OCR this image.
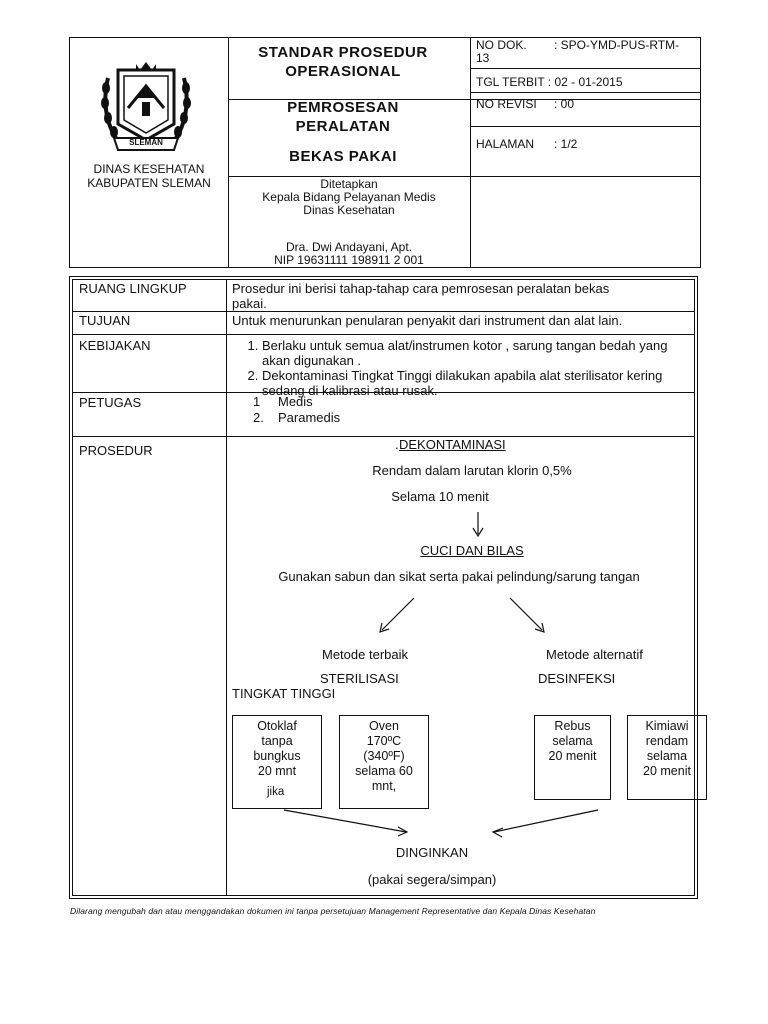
SLEMAN
DINAS KESEHATAN
KABUPATEN SLEMAN
STANDAR PROSEDUR
OPERASIONAL
PEMROSESAN
PERALATAN
BEKAS PAKAI
NO DOK. : SPO-YMD-PUS-RTM-
13
TGL TERBIT : 02 - 01-2015
NO REVISI : 00
HALAMAN : 1/2
Ditetapkan
Kepala Bidang Pelayanan Medis
Dinas Kesehatan
Dra. Dwi Andayani, Apt.
NIP 19631111 198911 2 001
RUANG LINGKUP	Prosedur ini berisi tahap-tahap cara pemrosesan peralatan bekas
pakai.
TUJUAN	Untuk menurunkan penularan penyakit dari instrument dan alat lain.
KEBIJAKAN
1.	Berlaku untuk semua alat/instrumen kotor , sarung tangan bedah yang akan digunakan .
2. Dekontaminasi Tingkat Tinggi dilakukan apabila alat sterilisator kering sedang di kalibrasi atau rusak.
PETUGAS	1 Medis
2. Paramedis
PROSEDUR	. DEKONTAMINASI
Rendam dalam larutan klorin 0,5%
Selama 10 menit
CUCI DAN BILAS
Gunakan sabun dan sikat serta pakai pelindung/sarung tangan
Metode terbaik	Metode alternatif
STERILISASI	DESINFEKSI
TINGKAT TINGGI
Otoklaf
tanpa
bungkus
20 mnt
jika
Oven
170ºC
(340ºF)
selama 60
mnt,
Rebus
selama
20 menit
Kimiawi
rendam
selama
20 menit
DINGINKAN
(pakai segera/simpan)
Dilarang mengubah dan atau menggandakan dokumen ini tanpa persetujuan Management Representative dan Kepala Dinas Kesehatan
